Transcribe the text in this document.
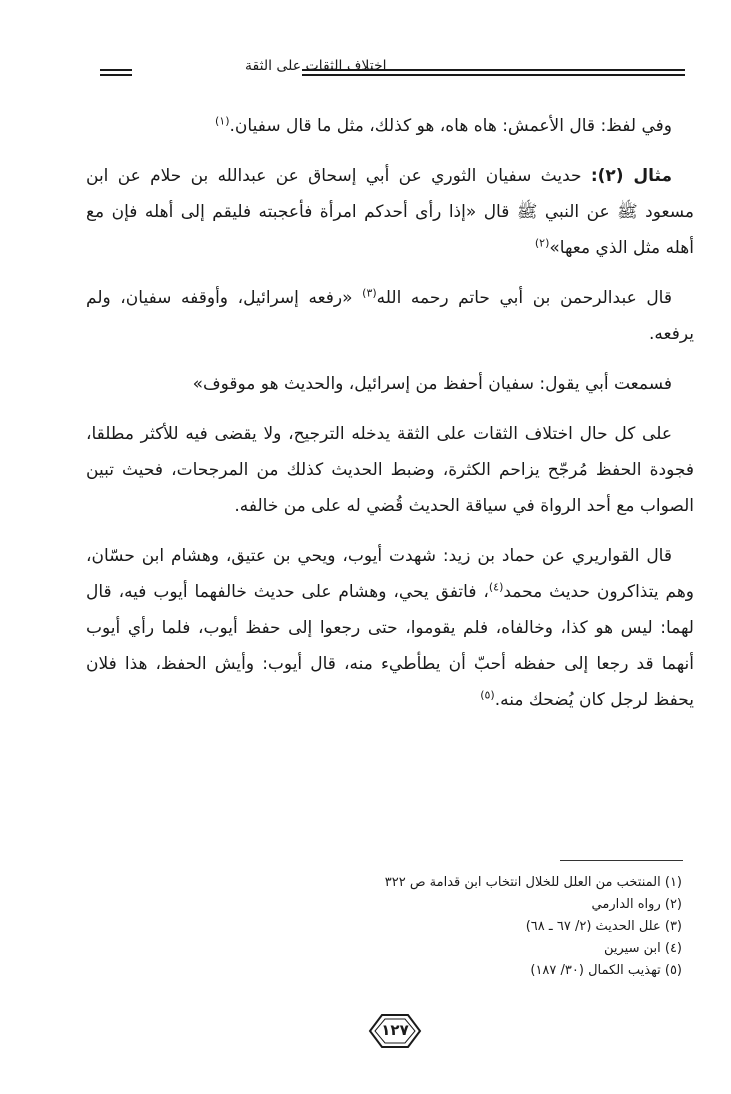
اختلاف الثقات على الثقة

وفي لفظ: قال الأعمش: هاه هاه، هو كذلك، مثل ما قال سفيان.$^{(١)}$

مثال (٢): حديث سفيان الثوري عن أبي إسحاق عن عبدالله بن حلام عن ابن مسعود ﷺ عن النبي ﷺ قال «إذا رأى أحدكم امرأة فأعجبته فليقم إلى أهله فإن مع أهله مثل الذي معها»$^{(٢)}$

قال عبدالرحمن بن أبي حاتم رحمه الله$^{(٣)}$ «رفعه إسرائيل، وأوقفه سفيان، ولم يرفعه.

فسمعت أبي يقول: سفيان أحفظ من إسرائيل، والحديث هو موقوف»

على كل حال اختلاف الثقات على الثقة يدخله الترجيح، ولا يقضى فيه للأكثر مطلقا، فجودة الحفظ مُرجّح يزاحم الكثرة، وضبط الحديث كذلك من المرجحات، فحيث تبين الصواب مع أحد الرواة في سياقة الحديث قُضي له على من خالفه.

قال القواريري عن حماد بن زيد: شهدت أيوب، ويحي بن عتيق، وهشام ابن حسّان، وهم يتذاكرون حديث محمد$^{(٤)}$، فاتفق يحي، وهشام على حديث خالفهما أيوب فيه، قال لهما: ليس هو كذا، وخالفاه، فلم يقوموا، حتى رجعوا إلى حفظ أيوب، فلما رأي أيوب أنهما قد رجعا إلى حفظه أحبّ أن يطأطيء منه، قال أيوب: وأيش الحفظ، هذا فلان يحفظ لرجل كان يُضحك منه.$^{(٥)}$

(١) المنتخب من العلل للخلال انتخاب ابن قدامة ص ٣٢٢
(٢) رواه الدارمي
(٣) علل الحديث (٢/ ٦٧ ـ ٦٨)
(٤) ابن سيرين
(٥) تهذيب الكمال (٣٠/ ١٨٧)
١٢٧
